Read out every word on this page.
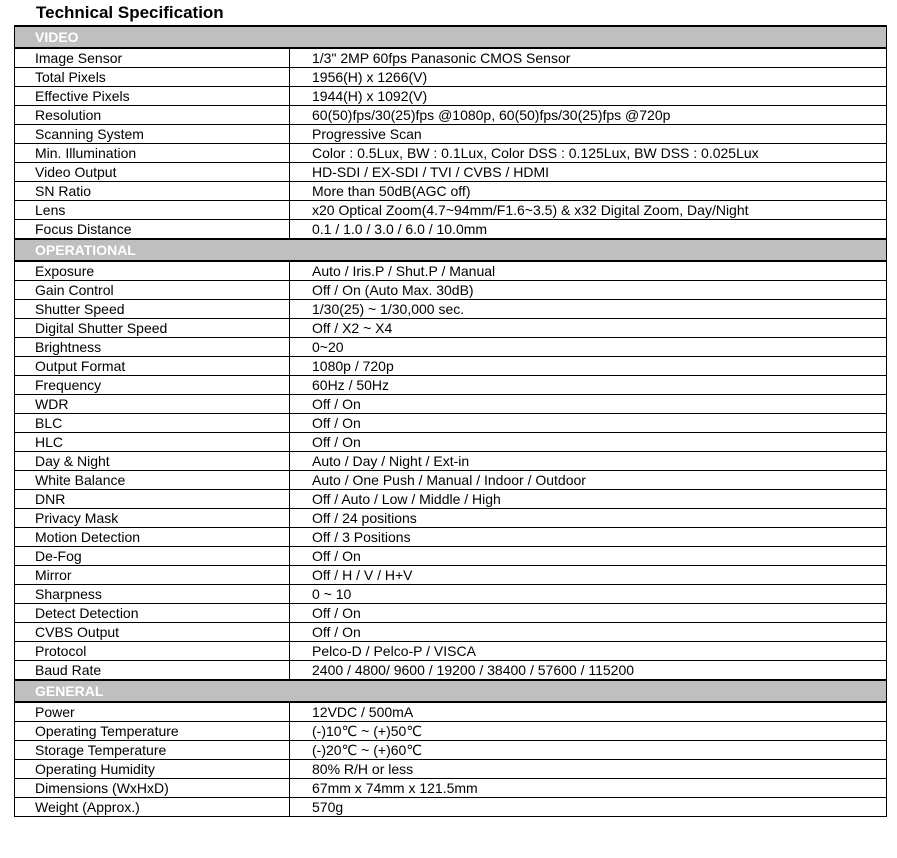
Technical Specification
VIDEO	
Image Sensor	1/3" 2MP 60fps Panasonic CMOS Sensor
Total Pixels	1956(H) x 1266(V)
Effective Pixels	1944(H) x 1092(V)
Resolution	60(50)fps/30(25)fps @1080p, 60(50)fps/30(25)fps @720p
Scanning System	Progressive Scan
Min. Illumination	Color : 0.5Lux, BW : 0.1Lux, Color DSS : 0.125Lux, BW DSS : 0.025Lux
Video Output	HD-SDI / EX-SDI / TVI / CVBS / HDMI
SN Ratio	More than 50dB(AGC off)
Lens	x20 Optical Zoom(4.7~94mm/F1.6~3.5) & x32 Digital Zoom, Day/Night
Focus Distance	0.1 / 1.0 / 3.0 / 6.0 / 10.0mm
OPERATIONAL	
Exposure	Auto / Iris.P / Shut.P / Manual
Gain Control	Off / On (Auto Max. 30dB)
Shutter Speed	1/30(25) ~ 1/30,000 sec.
Digital Shutter Speed	Off / X2 ~ X4
Brightness	0~20
Output Format	1080p / 720p
Frequency	60Hz / 50Hz
WDR	Off / On
BLC	Off / On
HLC	Off / On
Day & Night	Auto / Day / Night / Ext-in
White Balance	Auto / One Push / Manual / Indoor / Outdoor
DNR	Off / Auto / Low / Middle / High
Privacy Mask	Off / 24 positions
Motion Detection	Off / 3 Positions
De-Fog	Off / On
Mirror	Off / H / V / H+V
Sharpness	0 ~ 10
Detect Detection	Off / On
CVBS Output	Off / On
Protocol	Pelco-D / Pelco-P / VISCA
Baud Rate	2400 / 4800/ 9600 / 19200 / 38400 / 57600 / 115200
GENERAL	
Power	12VDC / 500mA
Operating Temperature	(-)10℃ ~ (+)50℃
Storage Temperature	(-)20℃ ~ (+)60℃
Operating Humidity	80% R/H or less
Dimensions (WxHxD)	67mm x 74mm x 121.5mm
Weight (Approx.)	570g
